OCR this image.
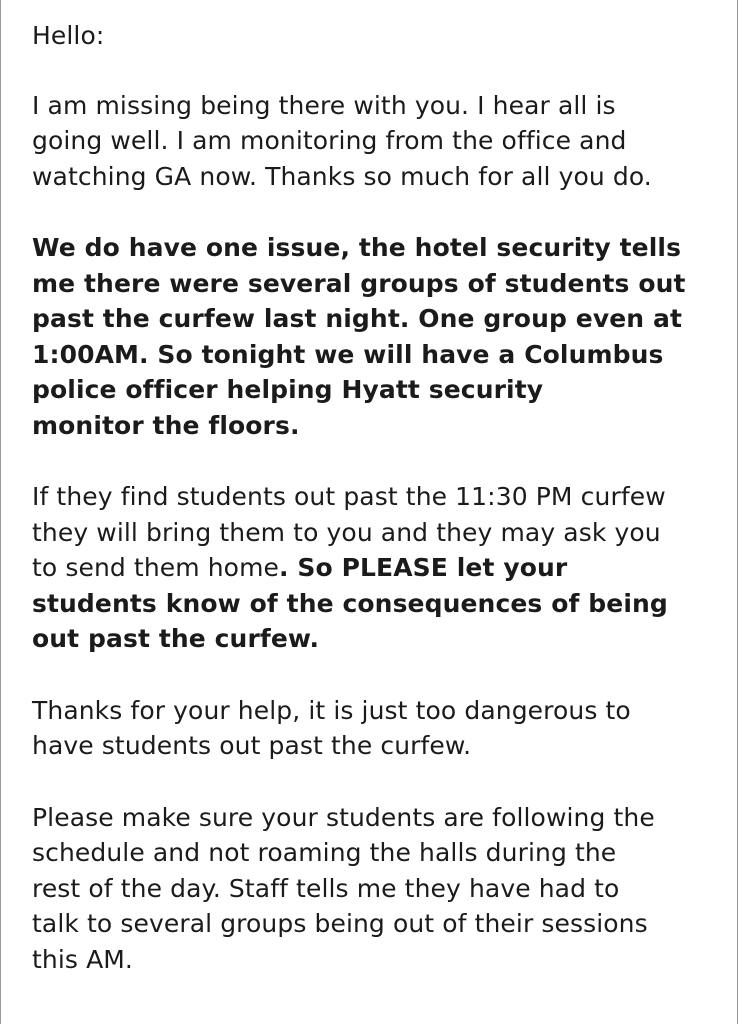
Hello:

I am missing being there with you. I hear all is
going well. I am monitoring from the office and
watching GA now. Thanks so much for all you do.

We do have one issue, the hotel security tells
me there were several groups of students out
past the curfew last night. One group even at
1:00AM. So tonight we will have a Columbus
police officer helping Hyatt security
monitor the floors.

If they find students out past the 11:30 PM curfew
they will bring them to you and they may ask you
to send them home. So PLEASE let your
students know of the consequences of being
out past the curfew.

Thanks for your help, it is just too dangerous to
have students out past the curfew.

Please make sure your students are following the
schedule and not roaming the halls during the
rest of the day. Staff tells me they have had to
talk to several groups being out of their sessions
this AM.
